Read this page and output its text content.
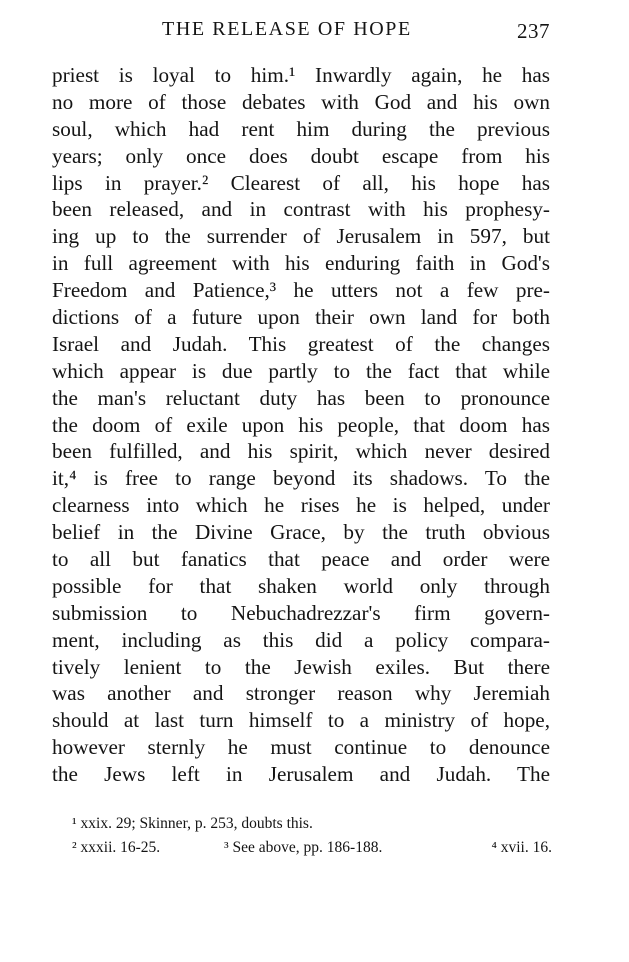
THE RELEASE OF HOPE	237
priest is loyal to him.¹ Inwardly again, he has
no more of those debates with God and his own
soul, which had rent him during the previous
years; only once does doubt escape from his
lips in prayer.² Clearest of all, his hope has
been released, and in contrast with his prophesy-
ing up to the surrender of Jerusalem in 597, but
in full agreement with his enduring faith in God's
Freedom and Patience,³ he utters not a few pre-
dictions of a future upon their own land for both
Israel and Judah. This greatest of the changes
which appear is due partly to the fact that while
the man's reluctant duty has been to pronounce
the doom of exile upon his people, that doom has
been fulfilled, and his spirit, which never desired
it,⁴ is free to range beyond its shadows. To the
clearness into which he rises he is helped, under
belief in the Divine Grace, by the truth obvious
to all but fanatics that peace and order were
possible for that shaken world only through
submission to Nebuchadrezzar's firm govern-
ment, including as this did a policy compara-
tively lenient to the Jewish exiles. But there
was another and stronger reason why Jeremiah
should at last turn himself to a ministry of hope,
however sternly he must continue to denounce
the Jews left in Jerusalem and Judah. The
¹ xxix. 29; Skinner, p. 253, doubts this.
² xxxii. 16-25.	³ See above, pp. 186-188.	⁴ xvii. 16.
